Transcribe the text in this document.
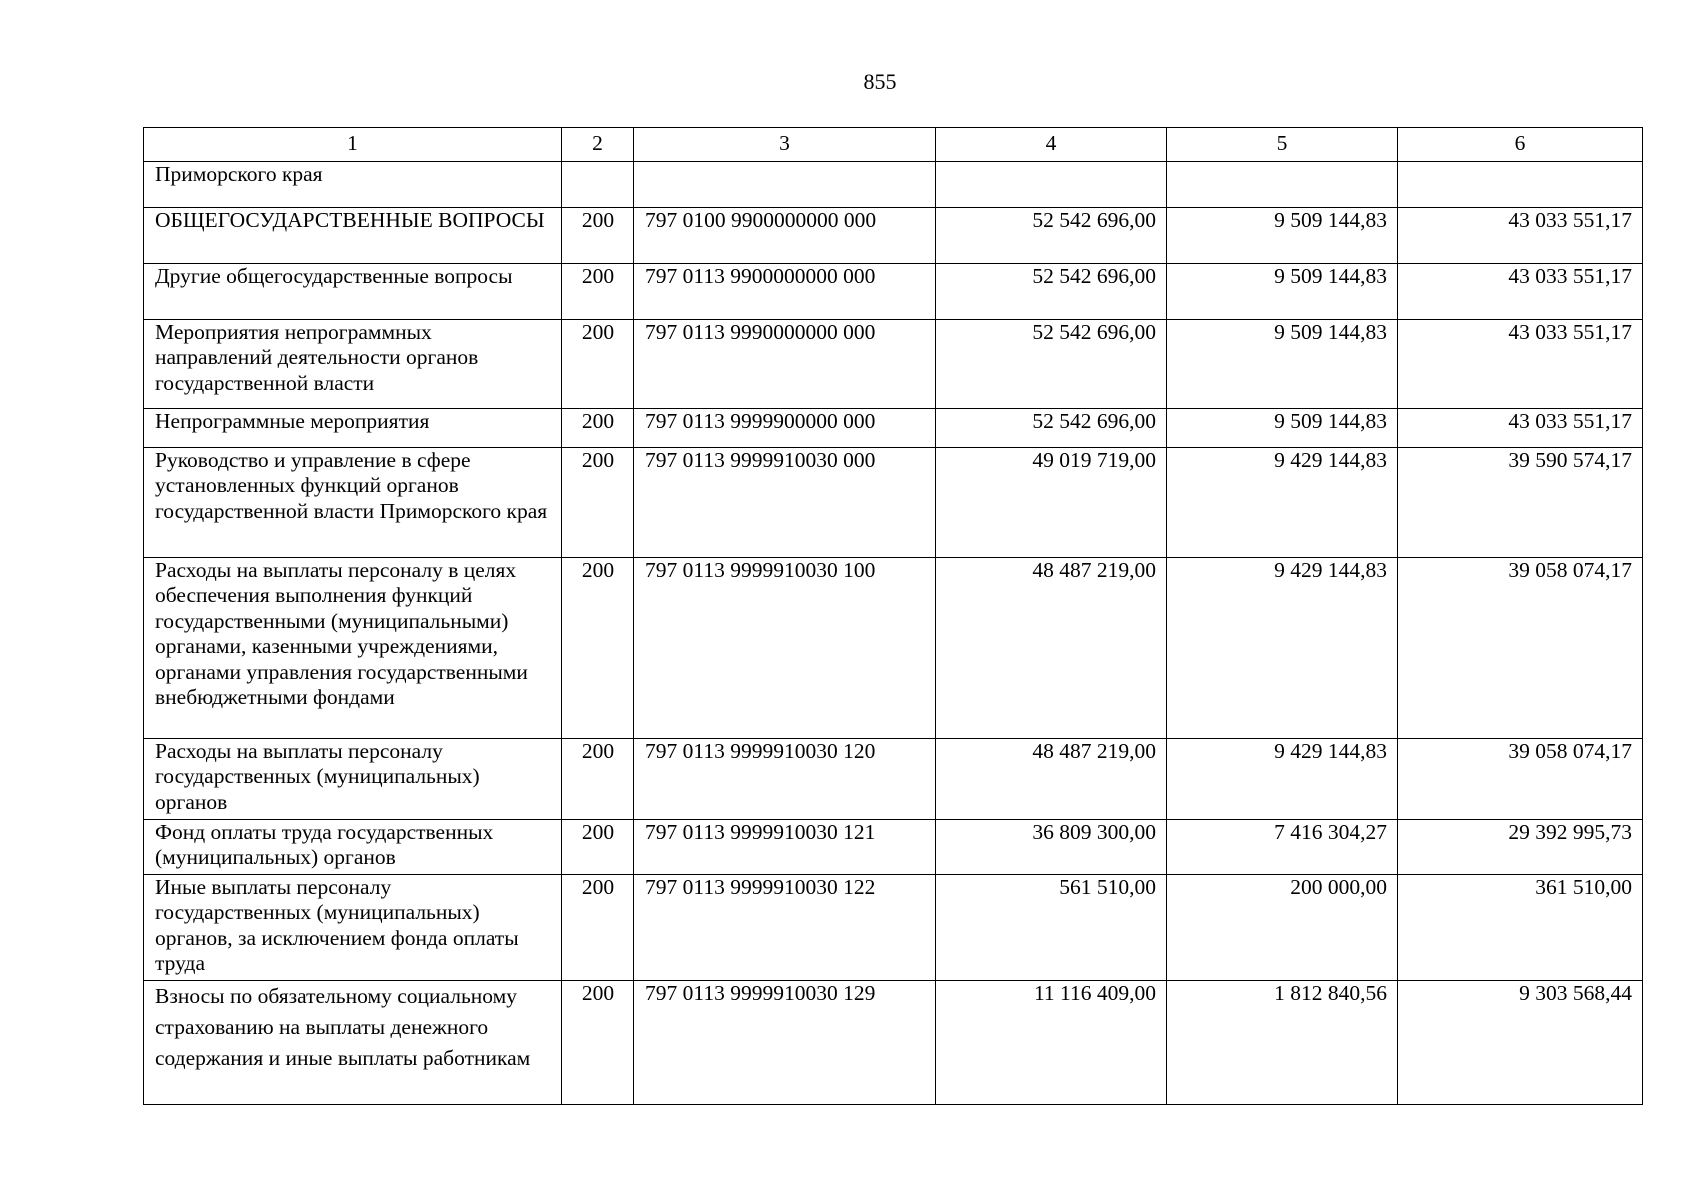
855
1	2	3	4	5	6
Приморского края					
ОБЩЕГОСУДАРСТВЕННЫЕ ВОПРОСЫ	200	797 0100 9900000000 000	52 542 696,00	9 509 144,83	43 033 551,17
Другие общегосударственные вопросы	200	797 0113 9900000000 000	52 542 696,00	9 509 144,83	43 033 551,17
Мероприятия непрограммных направлений деятельности органов государственной власти	200	797 0113 9990000000 000	52 542 696,00	9 509 144,83	43 033 551,17
Непрограммные мероприятия	200	797 0113 9999900000 000	52 542 696,00	9 509 144,83	43 033 551,17
Руководство и управление в сфере установленных функций органов государственной власти Приморского края	200	797 0113 9999910030 000	49 019 719,00	9 429 144,83	39 590 574,17
Расходы на выплаты персоналу в целях обеспечения выполнения функций государственными (муниципальными) органами, казенными учреждениями, органами управления государственными внебюджетными фондами	200	797 0113 9999910030 100	48 487 219,00	9 429 144,83	39 058 074,17
Расходы на выплаты персоналу государственных (муниципальных) органов	200	797 0113 9999910030 120	48 487 219,00	9 429 144,83	39 058 074,17
Фонд оплаты труда государственных (муниципальных) органов	200	797 0113 9999910030 121	36 809 300,00	7 416 304,27	29 392 995,73
Иные выплаты персоналу государственных (муниципальных) органов, за исключением фонда оплаты труда	200	797 0113 9999910030 122	561 510,00	200 000,00	361 510,00
Взносы по обязательному социальному страхованию на выплаты денежного содержания и иные выплаты работникам	200	797 0113 9999910030 129	11 116 409,00	1 812 840,56	9 303 568,44
